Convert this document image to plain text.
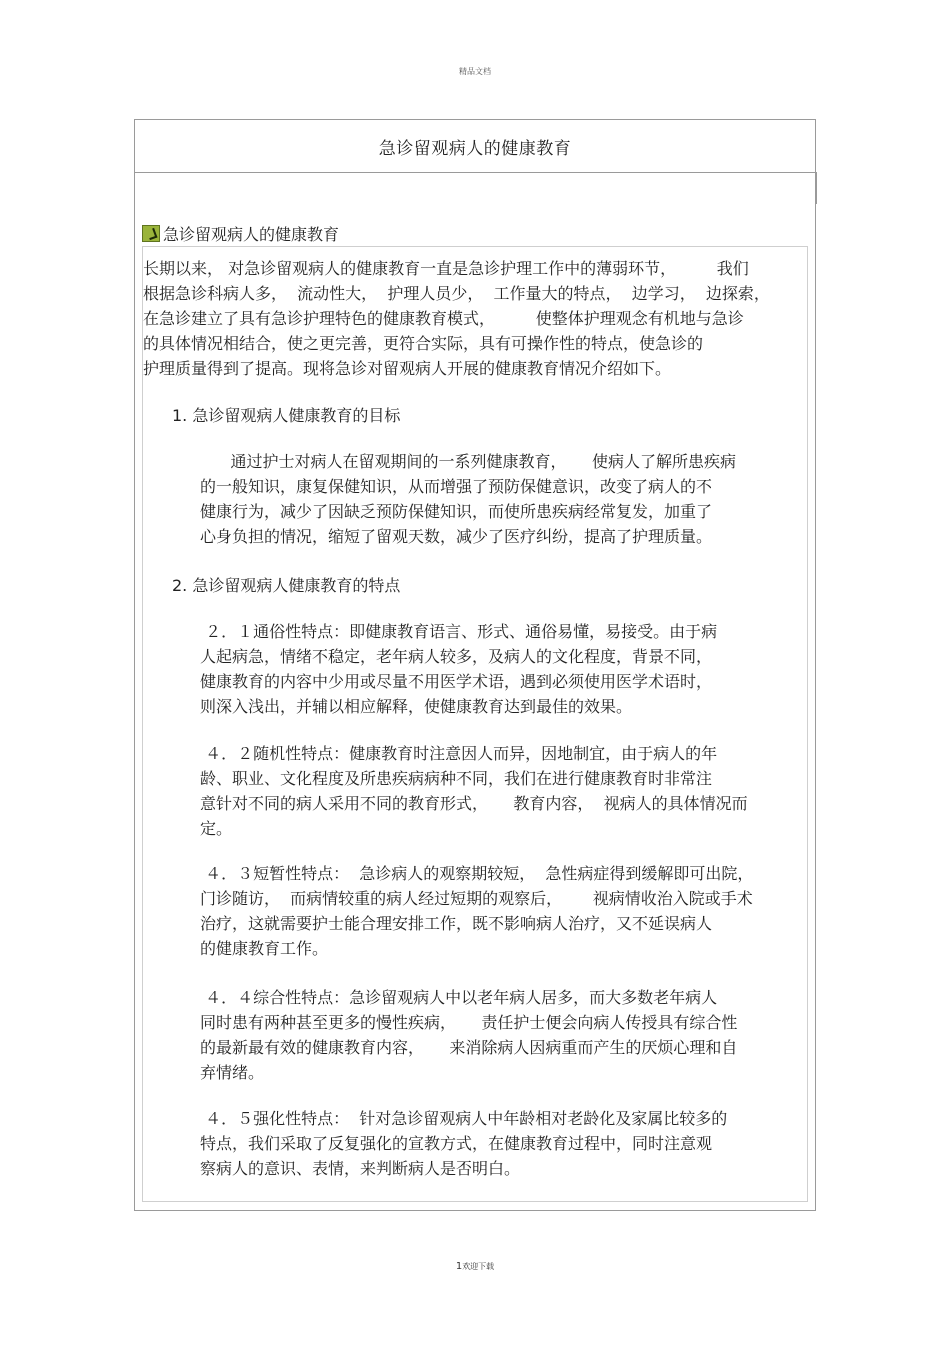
精品文档
急诊留观病人的健康教育
急诊留观病人的健康教育

长期以来， 对急诊留观病人的健康教育一直是急诊护理工作中的薄弱环节，        我们
根据急诊科病人多，  流动性大，  护理人员少，  工作量大的特点，  边学习，  边探索，
在急诊建立了具有急诊护理特色的健康教育模式，        使整体护理观念有机地与急诊
的具体情况相结合，使之更完善，更符合实际，具有可操作性的特点，使急诊的
护理质量得到了提高。现将急诊对留观病人开展的健康教育情况介绍如下。

1. 急诊留观病人健康教育的目标

通过护士对病人在留观期间的一系列健康教育，     使病人了解所患疾病
的一般知识，康复保健知识，从而增强了预防保健意识，改变了病人的不
健康行为，减少了因缺乏预防保健知识，而使所患疾病经常复发，加重了
心身负担的情况，缩短了留观天数，减少了医疗纠纷，提高了护理质量。

2. 急诊留观病人健康教育的特点

２．１通俗性特点：即健康教育语言、形式、通俗易懂，易接受。由于病
人起病急，情绪不稳定，老年病人较多，及病人的文化程度，背景不同，
健康教育的内容中少用或尽量不用医学术语，遇到必须使用医学术语时，
则深入浅出，并辅以相应解释，使健康教育达到最佳的效果。

４．２随机性特点：健康教育时注意因人而异，因地制宜，由于病人的年
龄、职业、文化程度及所患疾病病种不同，我们在进行健康教育时非常注
意针对不同的病人采用不同的教育形式，     教育内容，  视病人的具体情况而
定。

４．３短暂性特点：  急诊病人的观察期较短，  急性病症得到缓解即可出院，
门诊随访，  而病情较重的病人经过短期的观察后，      视病情收治入院或手术
治疗，这就需要护士能合理安排工作，既不影响病人治疗，又不延误病人
的健康教育工作。

４．４综合性特点：急诊留观病人中以老年病人居多，而大多数老年病人
同时患有两种甚至更多的慢性疾病，     责任护士便会向病人传授具有综合性
的最新最有效的健康教育内容，     来消除病人因病重而产生的厌烦心理和自
弃情绪。

４．５强化性特点：  针对急诊留观病人中年龄相对老龄化及家属比较多的
特点，我们采取了反复强化的宣教方式，在健康教育过程中，同时注意观
察病人的意识、表情，来判断病人是否明白。

1欢迎下载
